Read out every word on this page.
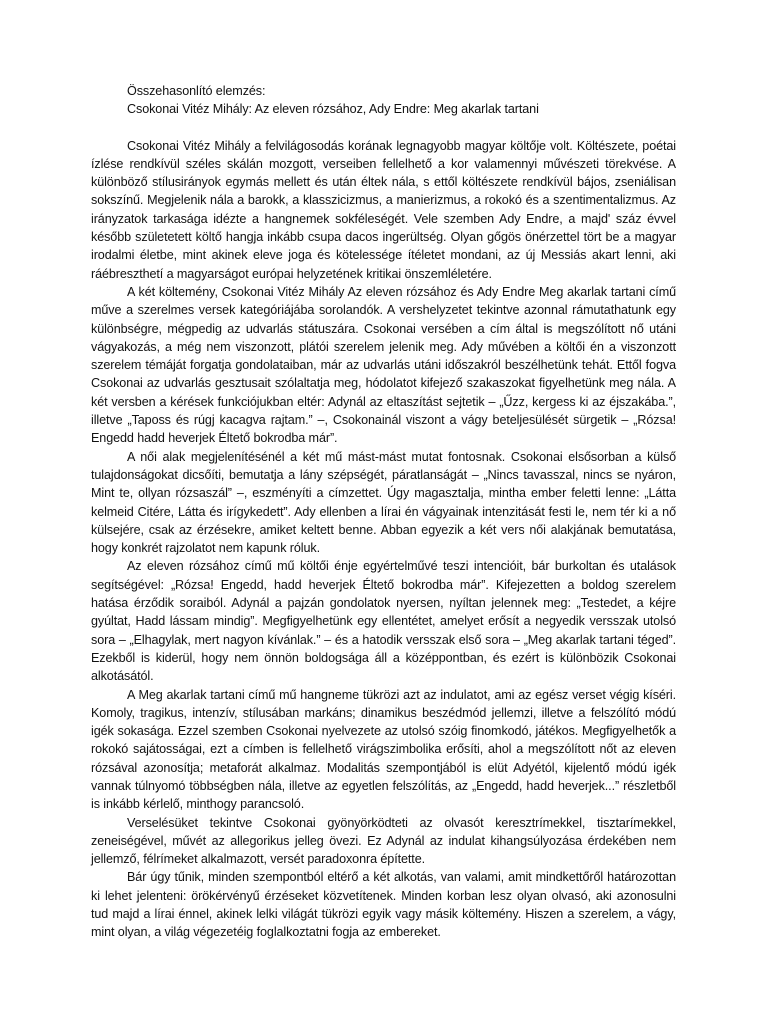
Összehasonlító elemzés:

Csokonai Vitéz Mihály: Az eleven rózsához, Ady Endre: Meg akarlak tartani

Csokonai Vitéz Mihály a felvilágosodás korának legnagyobb magyar költője volt. Költészete, poétai ízlése rendkívül széles skálán mozgott, verseiben fellelhető a kor valamennyi művészeti törekvése. A különböző stílusirányok egymás mellett és után éltek nála, s ettől költészete rendkívül bájos, zseniálisan sokszínű. Megjelenik nála a barokk, a klasszicizmus, a manierizmus, a rokokó és a szentimentalizmus. Az irányzatok tarkasága idézte a hangnemek sokféleségét. Vele szemben Ady Endre, a majd' száz évvel később születetett költő hangja inkább csupa dacos ingerültség. Olyan gőgös önérzettel tört be a magyar irodalmi életbe, mint akinek eleve joga és kötelessége ítéletet mondani, az új Messiás akart lenni, aki ráébreszthetí a magyarságot európai helyzetének kritikai önszemléletére.

A két költemény, Csokonai Vitéz Mihály Az eleven rózsához és Ady Endre Meg akarlak tartani című műve a szerelmes versek kategóriájába sorolandók. A vershelyzetet tekintve azonnal rámutathatunk egy különbségre, mégpedig az udvarlás státuszára. Csokonai versében a cím által is megszólított nő utáni vágyakozás, a még nem viszonzott, plátói szerelem jelenik meg. Ady művében a költői én a viszonzott szerelem témáját forgatja gondolataiban, már az udvarlás utáni időszakról beszélhetünk tehát. Ettől fogva Csokonai az udvarlás gesztusait szólaltatja meg, hódolatot kifejező szakaszokat figyelhetünk meg nála. A két versben a kérések funkciójukban eltér: Adynál az eltaszítást sejtetik – „Űzz, kergess ki az éjszakába.”, illetve „Taposs és rúgj kacagva rajtam.” –, Csokonainál viszont a vágy beteljesülését sürgetik – „Rózsa! Engedd hadd heverjek Éltető bokrodba már”.

A női alak megjelenítésénél a két mű mást-mást mutat fontosnak. Csokonai elsősorban a külső tulajdonságokat dicsőíti, bemutatja a lány szépségét, páratlanságát – „Nincs tavasszal, nincs se nyáron, Mint te, ollyan rózsaszál” –, eszményíti a címzettet. Úgy magasztalja, mintha ember feletti lenne: „Látta kelmeid Citére, Látta és irígykedett”. Ady ellenben a lírai én vágyainak intenzitását festi le, nem tér ki a nő külsejére, csak az érzésekre, amiket keltett benne. Abban egyezik a két vers női alakjának bemutatása, hogy konkrét rajzolatot nem kapunk róluk.

Az eleven rózsához című mű költői énje egyértelművé teszi intencióit, bár burkoltan és utalások segítségével: „Rózsa! Engedd, hadd heverjek Éltető bokrodba már”. Kifejezetten a boldog szerelem hatása érződik soraiból. Adynál a pajzán gondolatok nyersen, nyíltan jelennek meg: „Testedet, a kéjre gyúltat, Hadd lássam mindig”. Megfigyelhetünk egy ellentétet, amelyet erősít a negyedik versszak utolsó sora – „Elhagylak, mert nagyon kívánlak.” – és a hatodik versszak első sora – „Meg akarlak tartani téged”. Ezekből is kiderül, hogy nem önnön boldogsága áll a középpontban, és ezért is különbözik Csokonai alkotásától.

A Meg akarlak tartani című mű hangneme tükrözi azt az indulatot, ami az egész verset végig kíséri. Komoly, tragikus, intenzív, stílusában markáns; dinamikus beszédmód jellemzi, illetve a felszólító módú igék sokasága. Ezzel szemben Csokonai nyelvezete az utolsó szóig finomkodó, játékos. Megfigyelhetők a rokokó sajátosságai, ezt a címben is fellelhető virágszimbolika erősíti, ahol a megszólított nőt az eleven rózsával azonosítja; metaforát alkalmaz. Modalitás szempontjából is elüt Adyétól, kijelentő módú igék vannak túlnyomó többségben nála, illetve az egyetlen felszólítás, az „Engedd, hadd heverjek...” részletből is inkább kérlelő, minthogy parancsoló.

Verselésüket tekintve Csokonai gyönyörködteti az olvasót keresztrímekkel, tisztarímekkel, zeneiségével, művét az allegorikus jelleg övezi. Ez Adynál az indulat kihangsúlyozása érdekében nem jellemző, félrímeket alkalmazott, versét paradoxonra építette.

Bár úgy tűnik, minden szempontból eltérő a két alkotás, van valami, amit mindkettőről határozottan ki lehet jelenteni: örökérvényű érzéseket közvetítenek. Minden korban lesz olyan olvasó, aki azonosulni tud majd a lírai énnel, akinek lelki világát tükrözi egyik vagy másik költemény. Hiszen a szerelem, a vágy, mint olyan, a világ végezetéig foglalkoztatni fogja az embereket.
